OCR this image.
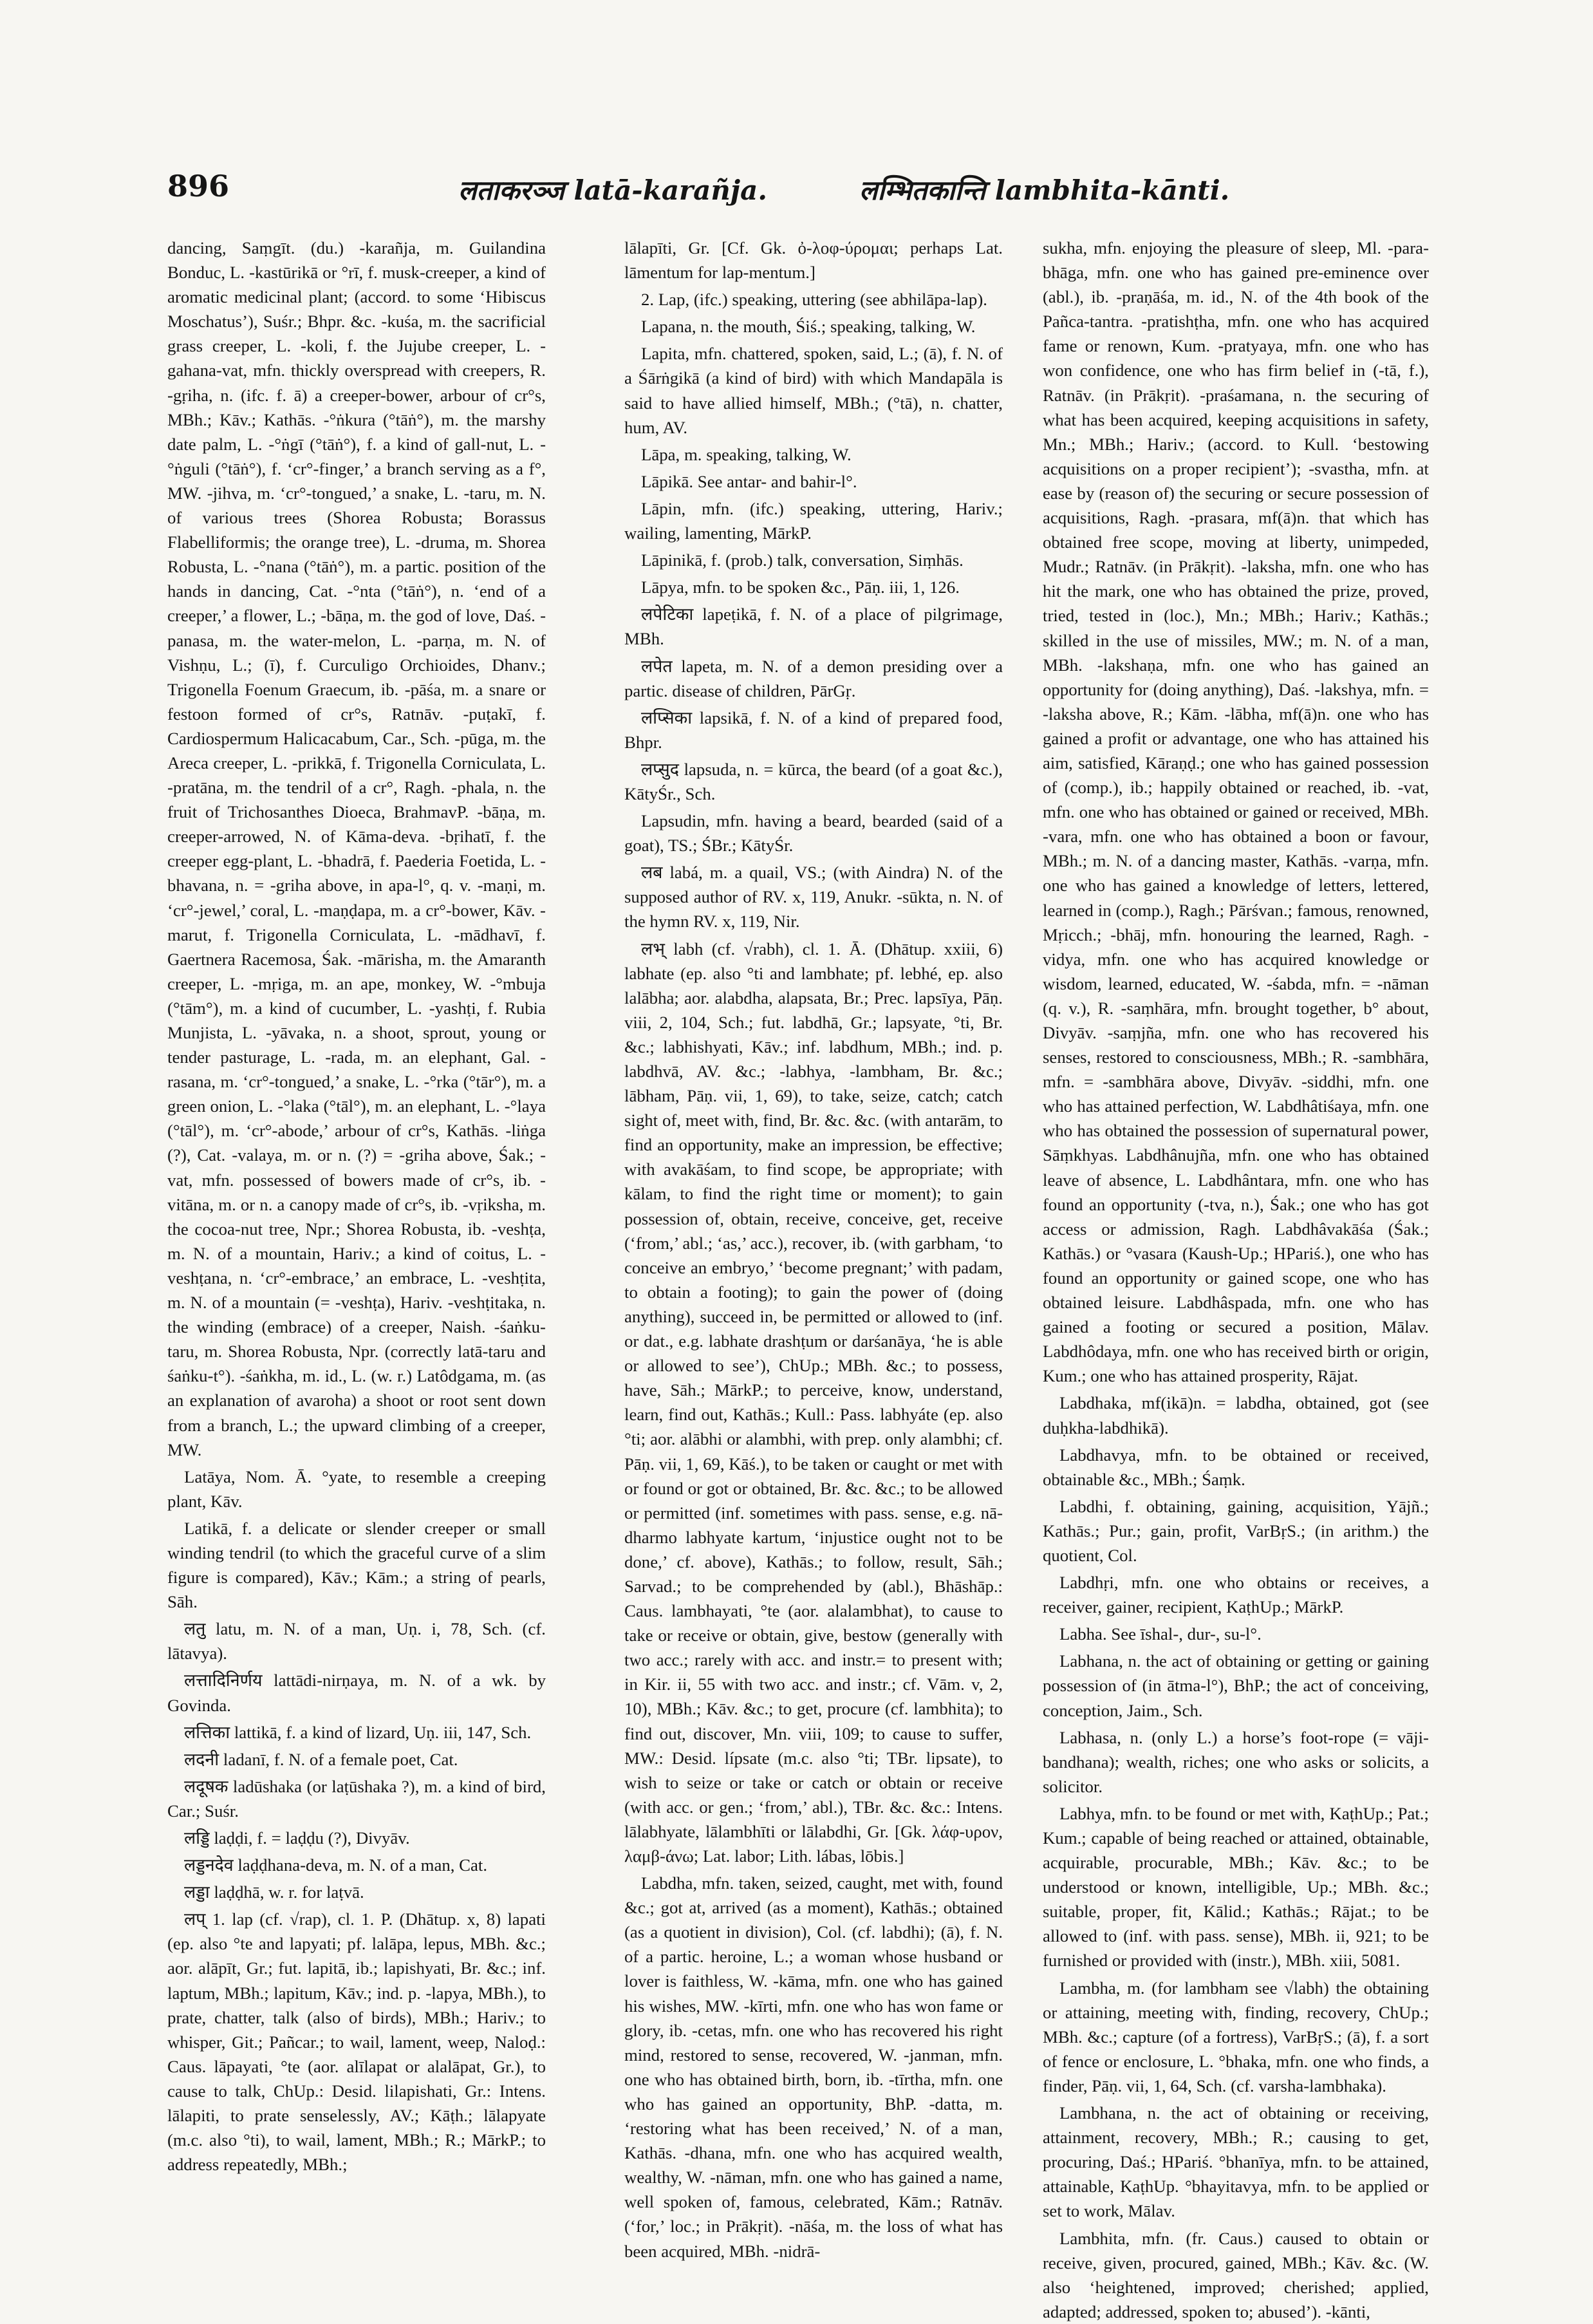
896	लताकरञ्ज latā-karañja.	लम्भितकान्ति lambhita-kānti.

dancing, Saṃgīt. (du.) -karañja, m. Guilandina Bonduc, L. -kastūrikā or °rī, f. musk-creeper, a kind of aromatic medicinal plant; (accord. to some ‘Hibiscus Moschatus’), Suśr.; Bhpr. &c. -kuśa, m. the sacrificial grass creeper, L. -koli, f. the Jujube creeper, L. -gahana-vat, mfn. thickly overspread with creepers, R. -gṛiha, n. (ifc. f. ā) a creeper-bower, arbour of cr°s, MBh.; Kāv.; Kathās. -°ṅkura (°tāṅ°), m. the marshy date palm, L. -°ṅgī (°tāṅ°), f. a kind of gall-nut, L. -°ṅguli (°tāṅ°), f. ‘cr°-finger,’ a branch serving as a f°, MW. -jihva, m. ‘cr°-tongued,’ a snake, L. -taru, m. N. of various trees (Shorea Robusta; Borassus Flabelliformis; the orange tree), L. -druma, m. Shorea Robusta, L. -°nana (°tāṅ°), m. a partic. position of the hands in dancing, Cat. -°nta (°tāṅ°), n. ‘end of a creeper,’ a flower, L.; -bāṇa, m. the god of love, Daś. -panasa, m. the water-melon, L. -parṇa, m. N. of Vishṇu, L.; (ī), f. Curculigo Orchioides, Dhanv.; Trigonella Foenum Graecum, ib. -pāśa, m. a snare or festoon formed of cr°s, Ratnāv. -puṭakī, f. Cardiospermum Halicacabum, Car., Sch. -pūga, m. the Areca creeper, L. -prikkā, f. Trigonella Corniculata, L. -pratāna, m. the tendril of a cr°, Ragh. -phala, n. the fruit of Trichosanthes Dioeca, BrahmavP. -bāṇa, m. creeper-arrowed, N. of Kāma-deva. -bṛihatī, f. the creeper egg-plant, L. -bhadrā, f. Paederia Foetida, L. -bhavana, n. = -griha above, in apa-l°, q. v. -maṇi, m. ‘cr°-jewel,’ coral, L. -maṇḍapa, m. a cr°-bower, Kāv. -marut, f. Trigonella Corniculata, L. -mādhavī, f. Gaertnera Racemosa, Śak. -mārisha, m. the Amaranth creeper, L. -mṛiga, m. an ape, monkey, W. -°mbuja (°tām°), m. a kind of cucumber, L. -yashṭi, f. Rubia Munjista, L. -yāvaka, n. a shoot, sprout, young or tender pasturage, L. -rada, m. an elephant, Gal. -rasana, m. ‘cr°-tongued,’ a snake, L. -°rka (°tār°), m. a green onion, L. -°laka (°tāl°), m. an elephant, L. -°laya (°tāl°), m. ‘cr°-abode,’ arbour of cr°s, Kathās. -liṅga (?), Cat. -valaya, m. or n. (?) = -griha above, Śak.; -vat, mfn. possessed of bowers made of cr°s, ib. -vitāna, m. or n. a canopy made of cr°s, ib. -vṛiksha, m. the cocoa-nut tree, Npr.; Shorea Robusta, ib. -veshṭa, m. N. of a mountain, Hariv.; a kind of coitus, L. -veshṭana, n. ‘cr°-embrace,’ an embrace, L. -veshṭita, m. N. of a mountain (= -veshṭa), Hariv. -veshṭitaka, n. the winding (embrace) of a creeper, Naish. -śaṅku-taru, m. Shorea Robusta, Npr. (correctly latā-taru and śaṅku-t°). -śaṅkha, m. id., L. (w. r.) Latôdgama, m. (as an explanation of avaroha) a shoot or root sent down from a branch, L.; the upward climbing of a creeper, MW.

Latāya, Nom. Ā. °yate, to resemble a creeping plant, Kāv.

Latikā, f. a delicate or slender creeper or small winding tendril (to which the graceful curve of a slim figure is compared), Kāv.; Kām.; a string of pearls, Sāh.

लतु latu, m. N. of a man, Uṇ. i, 78, Sch. (cf. lātavya).

लत्तादिनिर्णय lattādi-nirṇaya, m. N. of a wk. by Govinda.

लत्तिका lattikā, f. a kind of lizard, Uṇ. iii, 147, Sch.

लदनी ladanī, f. N. of a female poet, Cat.

लदूषक ladūshaka (or laṭūshaka ?), m. a kind of bird, Car.; Suśr.

लड्डि laḍḍi, f. = laḍḍu (?), Divyāv.

लड्डनदेव laḍḍhana-deva, m. N. of a man, Cat.

लड्डा laḍḍhā, w. r. for laṭvā.

लप् 1. lap (cf. √rap), cl. 1. P. (Dhātup. x, 8) lapati (ep. also °te and lapyati; pf. lalāpa, lepus, MBh. &c.; aor. alāpīt, Gr.; fut. lapitā, ib.; lapishyati, Br. &c.; inf. laptum, MBh.; lapitum, Kāv.; ind. p. -lapya, MBh.), to prate, chatter, talk (also of birds), MBh.; Hariv.; to whisper, Git.; Pañcar.; to wail, lament, weep, Naloḍ.: Caus. lāpayati, °te (aor. alīlapat or alalāpat, Gr.), to cause to talk, ChUp.: Desid. lilapishati, Gr.: Intens. lālapiti, to prate senselessly, AV.; Kāṭh.; lālapyate (m.c. also °ti), to wail, lament, MBh.; R.; MārkP.; to address repeatedly, MBh.;

lālapīti, Gr. [Cf. Gk. ὀ-λοφ-ύρομαι; perhaps Lat. lāmentum for lap-mentum.]

2. Lap, (ifc.) speaking, uttering (see abhilāpa-lap).

Lapana, n. the mouth, Śiś.; speaking, talking, W.

Lapita, mfn. chattered, spoken, said, L.; (ā), f. N. of a Śārṅgikā (a kind of bird) with which Mandapāla is said to have allied himself, MBh.; (°tā), n. chatter, hum, AV.

Lāpa, m. speaking, talking, W.

Lāpikā. See antar- and bahir-l°.

Lāpin, mfn. (ifc.) speaking, uttering, Hariv.; wailing, lamenting, MārkP.

Lāpinikā, f. (prob.) talk, conversation, Siṃhās.

Lāpya, mfn. to be spoken &c., Pāṇ. iii, 1, 126.

लपेटिका lapeṭikā, f. N. of a place of pilgrimage, MBh.

लपेत lapeta, m. N. of a demon presiding over a partic. disease of children, PārGṛ.

लप्सिका lapsikā, f. N. of a kind of prepared food, Bhpr.

लप्सुद lapsuda, n. = kūrca, the beard (of a goat &c.), KātyŚr., Sch.

Lapsudin, mfn. having a beard, bearded (said of a goat), TS.; ŚBr.; KātyŚr.

लब labá, m. a quail, VS.; (with Aindra) N. of the supposed author of RV. x, 119, Anukr. -sūkta, n. N. of the hymn RV. x, 119, Nir.

लभ् labh (cf. √rabh), cl. 1. Ā. (Dhātup. xxiii, 6) labhate (ep. also °ti and lambhate; pf. lebhé, ep. also lalābha; aor. alabdha, alapsata, Br.; Prec. lapsīya, Pāṇ. viii, 2, 104, Sch.; fut. labdhā, Gr.; lapsyate, °ti, Br. &c.; labhishyati, Kāv.; inf. labdhum, MBh.; ind. p. labdhvā, AV. &c.; -labhya, -lambham, Br. &c.; lābham, Pāṇ. vii, 1, 69), to take, seize, catch; catch sight of, meet with, find, Br. &c. &c. (with antarām, to find an opportunity, make an impression, be effective; with avakāśam, to find scope, be appropriate; with kālam, to find the right time or moment); to gain possession of, obtain, receive, conceive, get, receive (‘from,’ abl.; ‘as,’ acc.), recover, ib. (with garbham, ‘to conceive an embryo,’ ‘become pregnant;’ with padam, to obtain a footing); to gain the power of (doing anything), succeed in, be permitted or allowed to (inf. or dat., e.g. labhate drashṭum or darśanāya, ‘he is able or allowed to see’), ChUp.; MBh. &c.; to possess, have, Sāh.; MārkP.; to perceive, know, understand, learn, find out, Kathās.; Kull.: Pass. labhyáte (ep. also °ti; aor. alābhi or alambhi, with prep. only alambhi; cf. Pāṇ. vii, 1, 69, Kāś.), to be taken or caught or met with or found or got or obtained, Br. &c. &c.; to be allowed or permitted (inf. sometimes with pass. sense, e.g. nā-dharmo labhyate kartum, ‘injustice ought not to be done,’ cf. above), Kathās.; to follow, result, Sāh.; Sarvad.; to be comprehended by (abl.), Bhāshāp.: Caus. lambhayati, °te (aor. alalambhat), to cause to take or receive or obtain, give, bestow (generally with two acc.; rarely with acc. and instr.= to present with; in Kir. ii, 55 with two acc. and instr.; cf. Vām. v, 2, 10), MBh.; Kāv. &c.; to get, procure (cf. lambhita); to find out, discover, Mn. viii, 109; to cause to suffer, MW.: Desid. lípsate (m.c. also °ti; TBr. lipsate), to wish to seize or take or catch or obtain or receive (with acc. or gen.; ‘from,’ abl.), TBr. &c. &c.: Intens. lālabhyate, lālambhīti or lālabdhi, Gr. [Gk. λάφ-υρον, λαμβ-άνω; Lat. labor; Lith. lábas, lōbis.]

Labdha, mfn. taken, seized, caught, met with, found &c.; got at, arrived (as a moment), Kathās.; obtained (as a quotient in division), Col. (cf. labdhi); (ā), f. N. of a partic. heroine, L.; a woman whose husband or lover is faithless, W. -kāma, mfn. one who has gained his wishes, MW. -kīrti, mfn. one who has won fame or glory, ib. -cetas, mfn. one who has recovered his right mind, restored to sense, recovered, W. -janman, mfn. one who has obtained birth, born, ib. -tīrtha, mfn. one who has gained an opportunity, BhP. -datta, m. ‘restoring what has been received,’ N. of a man, Kathās. -dhana, mfn. one who has acquired wealth, wealthy, W. -nāman, mfn. one who has gained a name, well spoken of, famous, celebrated, Kām.; Ratnāv. (‘for,’ loc.; in Prākṛit). -nāśa, m. the loss of what has been acquired, MBh. -nidrā-

sukha, mfn. enjoying the pleasure of sleep, Ml. -para-bhāga, mfn. one who has gained pre-eminence over (abl.), ib. -praṇāśa, m. id., N. of the 4th book of the Pañca-tantra. -pratishṭha, mfn. one who has acquired fame or renown, Kum. -pratyaya, mfn. one who has won confidence, one who has firm belief in (-tā, f.), Ratnāv. (in Prākṛit). -praśamana, n. the securing of what has been acquired, keeping acquisitions in safety, Mn.; MBh.; Hariv.; (accord. to Kull. ‘bestowing acquisitions on a proper recipient’); -svastha, mfn. at ease by (reason of) the securing or secure possession of acquisitions, Ragh. -prasara, mf(ā)n. that which has obtained free scope, moving at liberty, unimpeded, Mudr.; Ratnāv. (in Prākṛit). -laksha, mfn. one who has hit the mark, one who has obtained the prize, proved, tried, tested in (loc.), Mn.; MBh.; Hariv.; Kathās.; skilled in the use of missiles, MW.; m. N. of a man, MBh. -lakshaṇa, mfn. one who has gained an opportunity for (doing anything), Daś. -lakshya, mfn. = -laksha above, R.; Kām. -lābha, mf(ā)n. one who has gained a profit or advantage, one who has attained his aim, satisfied, Kāraṇḍ.; one who has gained possession of (comp.), ib.; happily obtained or reached, ib. -vat, mfn. one who has obtained or gained or received, MBh. -vara, mfn. one who has obtained a boon or favour, MBh.; m. N. of a dancing master, Kathās. -varṇa, mfn. one who has gained a knowledge of letters, lettered, learned in (comp.), Ragh.; Pārśvan.; famous, renowned, Mṛicch.; -bhāj, mfn. honouring the learned, Ragh. -vidya, mfn. one who has acquired knowledge or wisdom, learned, educated, W. -śabda, mfn. = -nāman (q. v.), R. -saṃhāra, mfn. brought together, b° about, Divyāv. -saṃjña, mfn. one who has recovered his senses, restored to consciousness, MBh.; R. -sambhāra, mfn. = -sambhāra above, Divyāv. -siddhi, mfn. one who has attained perfection, W. Labdhâtiśaya, mfn. one who has obtained the possession of supernatural power, Sāṃkhyas. Labdhânujña, mfn. one who has obtained leave of absence, L. Labdhântara, mfn. one who has found an opportunity (-tva, n.), Śak.; one who has got access or admission, Ragh. Labdhâvakāśa (Śak.; Kathās.) or °vasara (Kaush-Up.; HPariś.), one who has found an opportunity or gained scope, one who has obtained leisure. Labdhâspada, mfn. one who has gained a footing or secured a position, Mālav. Labdhôdaya, mfn. one who has received birth or origin, Kum.; one who has attained prosperity, Rājat.

Labdhaka, mf(ikā)n. = labdha, obtained, got (see duḥkha-labdhikā).

Labdhavya, mfn. to be obtained or received, obtainable &c., MBh.; Śaṃk.

Labdhi, f. obtaining, gaining, acquisition, Yājñ.; Kathās.; Pur.; gain, profit, VarBṛS.; (in arithm.) the quotient, Col.

Labdhṛi, mfn. one who obtains or receives, a receiver, gainer, recipient, KaṭhUp.; MārkP.

Labha. See īshal-, dur-, su-l°.

Labhana, n. the act of obtaining or getting or gaining possession of (in ātma-l°), BhP.; the act of conceiving, conception, Jaim., Sch.

Labhasa, n. (only L.) a horse’s foot-rope (= vāji-bandhana); wealth, riches; one who asks or solicits, a solicitor.

Labhya, mfn. to be found or met with, KaṭhUp.; Pat.; Kum.; capable of being reached or attained, obtainable, acquirable, procurable, MBh.; Kāv. &c.; to be understood or known, intelligible, Up.; MBh. &c.; suitable, proper, fit, Kālid.; Kathās.; Rājat.; to be allowed to (inf. with pass. sense), MBh. ii, 921; to be furnished or provided with (instr.), MBh. xiii, 5081.

Lambha, m. (for lambham see √labh) the obtaining or attaining, meeting with, finding, recovery, ChUp.; MBh. &c.; capture (of a fortress), VarBṛS.; (ā), f. a sort of fence or enclosure, L. °bhaka, mfn. one who finds, a finder, Pāṇ. vii, 1, 64, Sch. (cf. varsha-lambhaka).

Lambhana, n. the act of obtaining or receiving, attainment, recovery, MBh.; R.; causing to get, procuring, Daś.; HPariś. °bhanīya, mfn. to be attained, attainable, KaṭhUp. °bhayitavya, mfn. to be applied or set to work, Mālav.

Lambhita, mfn. (fr. Caus.) caused to obtain or receive, given, procured, gained, MBh.; Kāv. &c. (W. also ‘heightened, improved; cherished; applied, adapted; addressed, spoken to; abused’). -kānti,
